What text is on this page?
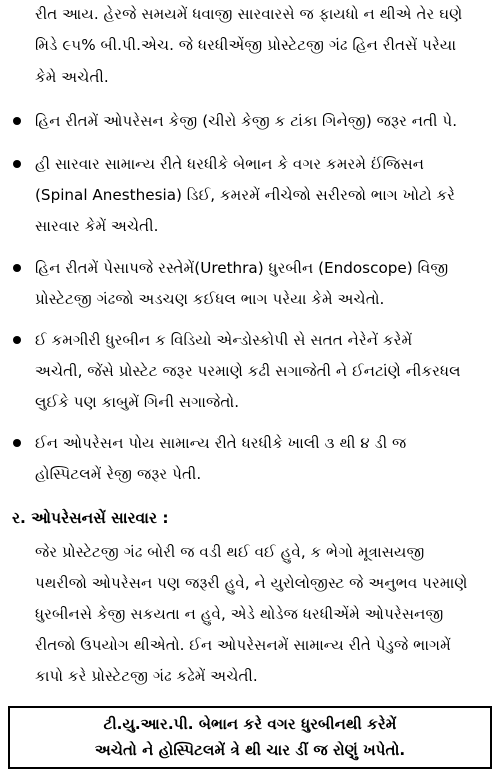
રીત આય. હેરજે સમયમેં ધવાજી સારવારસે જ ફાયધો ન થીએ તેર ઘણે
મિડે ૯૫% બી.પી.એચ. જે ધરધીએંજી પ્રોસ્ટેટજી ગંઢ હિન રીતસેં પરેયા
કેમે અચેતી.
હિન રીતમેં ઓપરેસન કેજી (ચીરો કેજી ક ટાંકા ગિનેજી) જરૂર નતી પે.
હી સારવાર સામાન્ય રીતે ધરધીકે બેભાન કે વગર કમરમે ઈંજિસન
(Spinal Anesthesia) ડિઈ, કમરમેં નીચેજો સરીરજો ભાગ ખોટો કરે
સારવાર કેમેં અચેતી.
હિન રીતમેં પેસાપજે રસ્તેમેં(Urethra) ધુરબીન (Endoscope) વિજી
પ્રોસ્ટેટજી ગંઢજો અડચણ કઈધલ ભાગ પરેયા કેમે અચેતો.
ઈ કમગીરી ધુરબીન ક વિડિયો એન્ડોસ્કોપી સે સતત નેરેનેં કરેમેં
અચેતી, જેંસે પ્રોસ્ટેટ જરૂર પરમાણે કઢી સગાજેતી ને ઈનટાંણે નીકરધલ
લુઈકે પણ કાબુમેં ગિની સગાજેતો.
ઈન ઓપરેસન પોય સામાન્ય રીતે ધરધીકે ખાલી ૩ થી ૪ ડી જ
હોસ્પિટલમેં રેજી જરૂર પેતી.
ર. ઓપરેસનસેં સારવાર :
જેર પ્રોસ્ટેટજી ગંઢ બોરી જ વડી થઈ વઈ હુવે, ક ભેગો મૂત્રાસયજી
પથરીજો ઓપરેસન પણ જરૂરી હુવે, ને યુરોલોજીસ્ટ જે અનુભવ પરમાણે
ધુરબીનસે કેજી સકયતા ન હુવે, એડે થોડેજ ધરધીએંમે ઓપરેસનજી
રીતજો ઉપયોગ થીએતો. ઈન ઓપરેસનમેં સામાન્ય રીતે પેડુજે ભાગમેં
કાપો કરે પ્રોસ્ટેટજી ગંઢ કઢેમેં અચેતી.
ટી.યુ.આર.પી. બેભાન કરે વગર ધુરબીનથી કરેમેં
અચેતો ને હોસ્પિટલમેં ત્રે થી ચાર ડીં જ રોણું ખપેતો.
